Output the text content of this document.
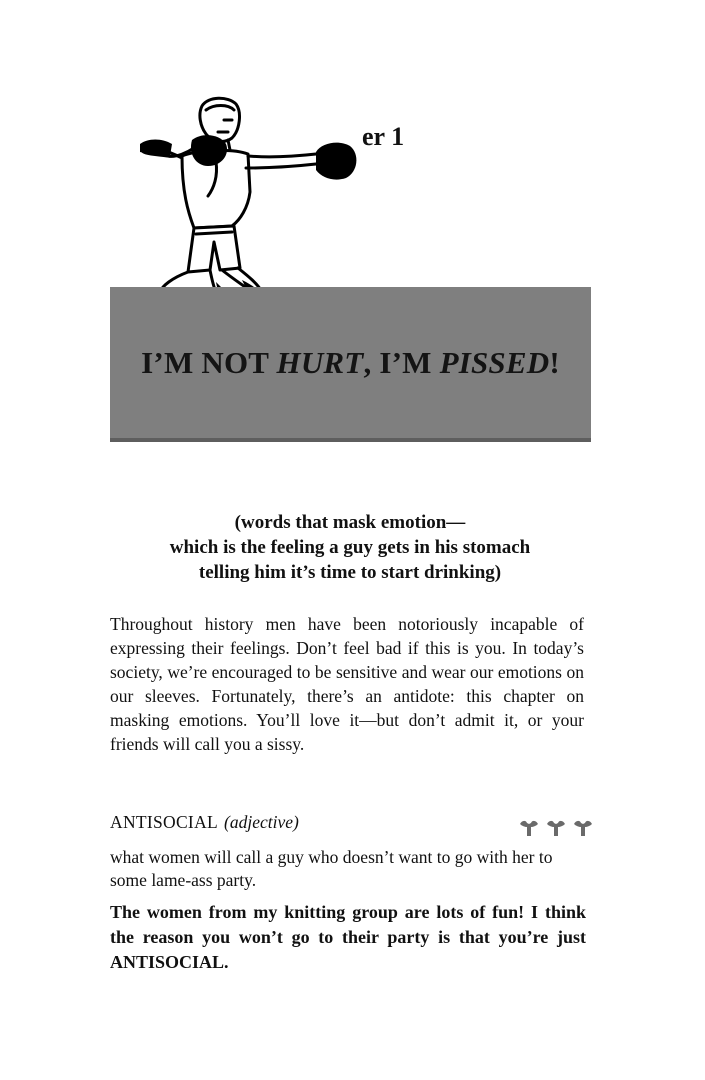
er 1
I’M NOT HURT, I’M PISSED!
(words that mask emotion—
which is the feeling a guy gets in his stomach
telling him it’s time to start drinking)

Throughout history men have been notoriously incapable of expressing their feelings. Don’t feel bad if this is you. In today’s society, we’re encouraged to be sensitive and wear our emotions on our sleeves. Fortunately, there’s an antidote: this chapter on masking emotions. You’ll love it—but don’t admit it, or your friends will call you a sissy.

ANTISOCIAL (adjective)

what women will call a guy who doesn’t want to go with her to some lame-ass party.

The women from my knitting group are lots of fun! I think the reason you won’t go to their party is that you’re just ANTISOCIAL.
